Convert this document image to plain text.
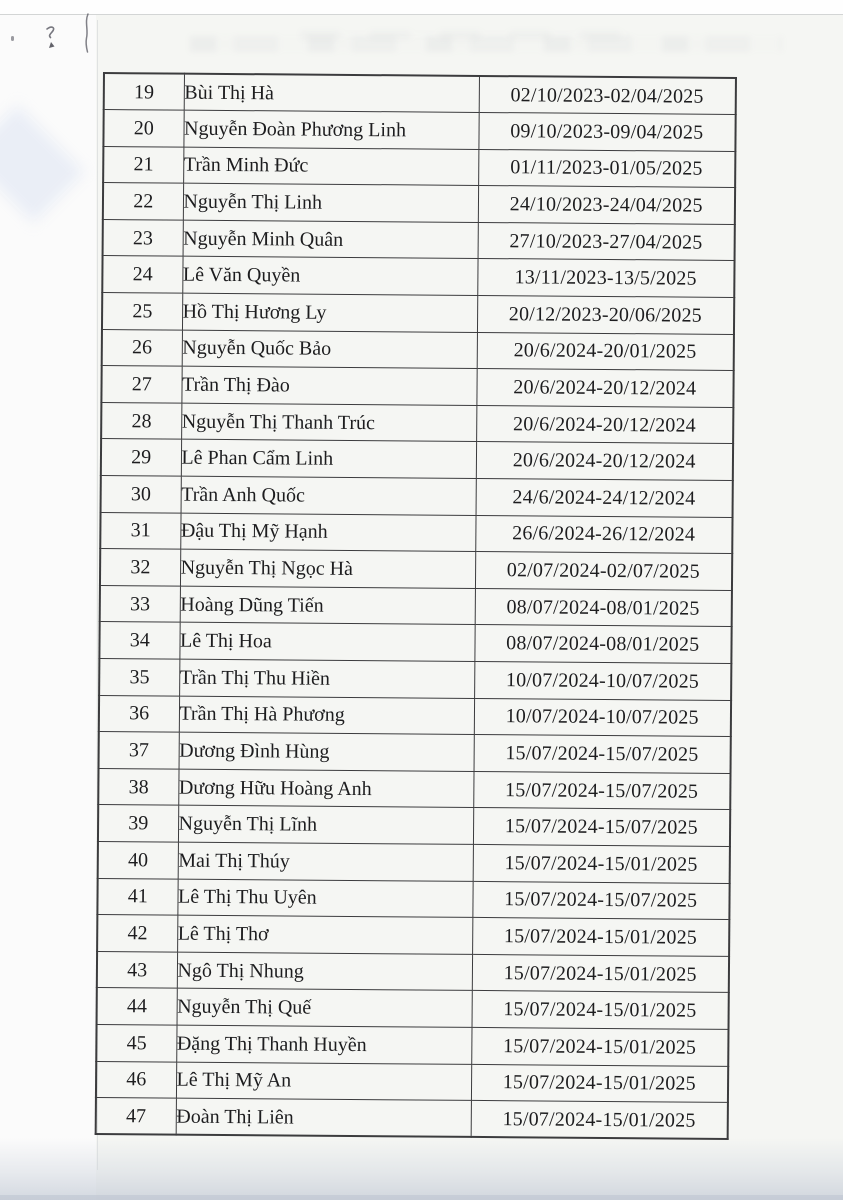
19	Bùi Thị Hà	02/10/2023-02/04/2025
20	Nguyễn Đoàn Phương Linh	09/10/2023-09/04/2025
21	Trần Minh Đức	01/11/2023-01/05/2025
22	Nguyễn Thị Linh	24/10/2023-24/04/2025
23	Nguyễn Minh Quân	27/10/2023-27/04/2025
24	Lê Văn Quyền	13/11/2023-13/5/2025
25	Hồ Thị Hương Ly	20/12/2023-20/06/2025
26	Nguyễn Quốc Bảo	20/6/2024-20/01/2025
27	Trần Thị Đào	20/6/2024-20/12/2024
28	Nguyễn Thị Thanh Trúc	20/6/2024-20/12/2024
29	Lê Phan Cẩm Linh	20/6/2024-20/12/2024
30	Trần Anh Quốc	24/6/2024-24/12/2024
31	Đậu Thị Mỹ Hạnh	26/6/2024-26/12/2024
32	Nguyễn Thị Ngọc Hà	02/07/2024-02/07/2025
33	Hoàng Dũng Tiến	08/07/2024-08/01/2025
34	Lê Thị Hoa	08/07/2024-08/01/2025
35	Trần Thị Thu Hiền	10/07/2024-10/07/2025
36	Trần Thị Hà Phương	10/07/2024-10/07/2025
37	Dương Đình Hùng	15/07/2024-15/07/2025
38	Dương Hữu Hoàng Anh	15/07/2024-15/07/2025
39	Nguyễn Thị Lĩnh	15/07/2024-15/07/2025
40	Mai Thị Thúy	15/07/2024-15/01/2025
41	Lê Thị Thu Uyên	15/07/2024-15/07/2025
42	Lê Thị Thơ	15/07/2024-15/01/2025
43	Ngô Thị Nhung	15/07/2024-15/01/2025
44	Nguyễn Thị Quế	15/07/2024-15/01/2025
45	Đặng Thị Thanh Huyền	15/07/2024-15/01/2025
46	Lê Thị Mỹ An	15/07/2024-15/01/2025
47	Đoàn Thị Liên	15/07/2024-15/01/2025
